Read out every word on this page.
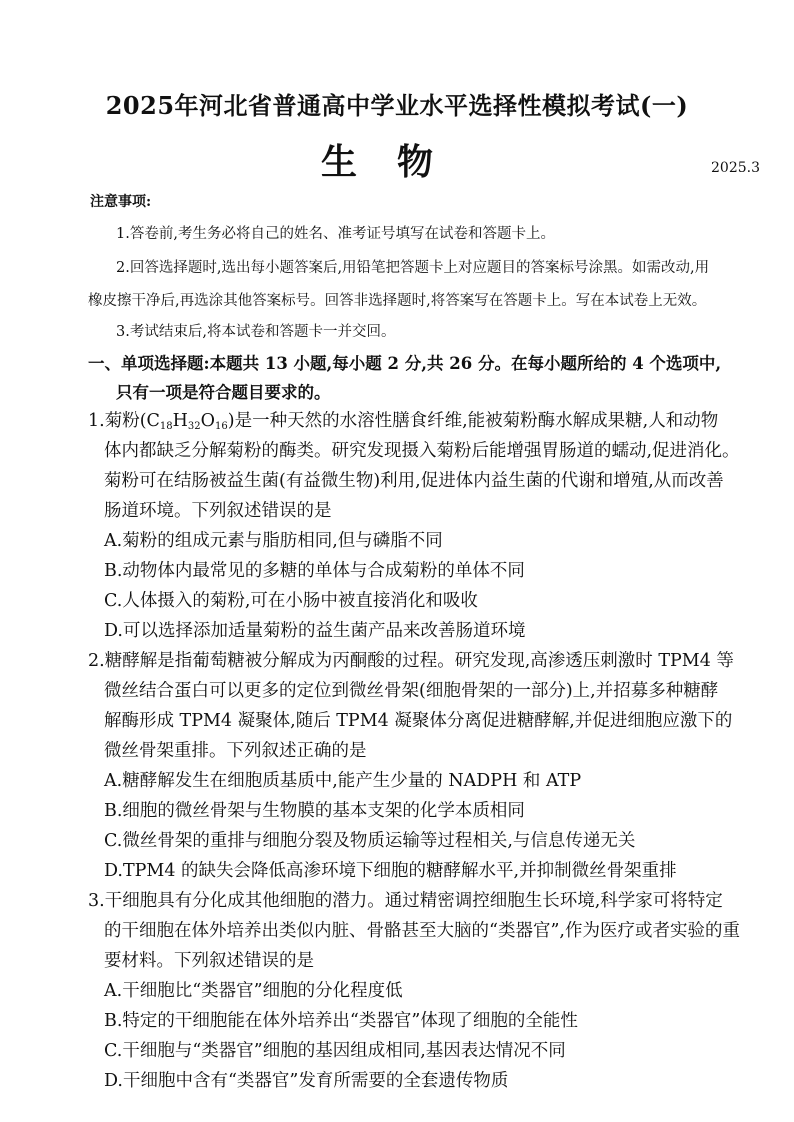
2025年河北省普通高中学业水平选择性模拟考试(一)
生物	2025.3
注意事项:
1.答卷前,考生务必将自己的姓名、准考证号填写在试卷和答题卡上。
2.回答选择题时,选出每小题答案后,用铅笔把答题卡上对应题目的答案标号涂黑。如需改动,用
橡皮擦干净后,再选涂其他答案标号。回答非选择题时,将答案写在答题卡上。写在本试卷上无效。
3.考试结束后,将本试卷和答题卡一并交回。
一、单项选择题:本题共 13 小题,每小题 2 分,共 26 分。在每小题所给的 4 个选项中,
只有一项是符合题目要求的。
1.菊粉$(C_{18}H_{32}O_{16})$是一种天然的水溶性膳食纤维,能被菊粉酶水解成果糖,人和动物
体内都缺乏分解菊粉的酶类。研究发现摄入菊粉后能增强胃肠道的蠕动,促进消化。
菊粉可在结肠被益生菌(有益微生物)利用,促进体内益生菌的代谢和增殖,从而改善
肠道环境。下列叙述错误的是
A.菊粉的组成元素与脂肪相同,但与磷脂不同
B.动物体内最常见的多糖的单体与合成菊粉的单体不同
C.人体摄入的菊粉,可在小肠中被直接消化和吸收
D.可以选择添加适量菊粉的益生菌产品来改善肠道环境
2.糖酵解是指葡萄糖被分解成为丙酮酸的过程。研究发现,高渗透压刺激时 TPM4 等
微丝结合蛋白可以更多的定位到微丝骨架(细胞骨架的一部分)上,并招募多种糖酵
解酶形成 TPM4 凝聚体,随后 TPM4 凝聚体分离促进糖酵解,并促进细胞应激下的
微丝骨架重排。下列叙述正确的是
A.糖酵解发生在细胞质基质中,能产生少量的 NADPH 和 ATP
B.细胞的微丝骨架与生物膜的基本支架的化学本质相同
C.微丝骨架的重排与细胞分裂及物质运输等过程相关,与信息传递无关
D.TPM4 的缺失会降低高渗环境下细胞的糖酵解水平,并抑制微丝骨架重排
3.干细胞具有分化成其他细胞的潜力。通过精密调控细胞生长环境,科学家可将特定
的干细胞在体外培养出类似内脏、骨骼甚至大脑的“类器官”,作为医疗或者实验的重
要材料。下列叙述错误的是
A.干细胞比“类器官”细胞的分化程度低
B.特定的干细胞能在体外培养出“类器官”体现了细胞的全能性
C.干细胞与“类器官”细胞的基因组成相同,基因表达情况不同
D.干细胞中含有“类器官”发育所需要的全套遗传物质
